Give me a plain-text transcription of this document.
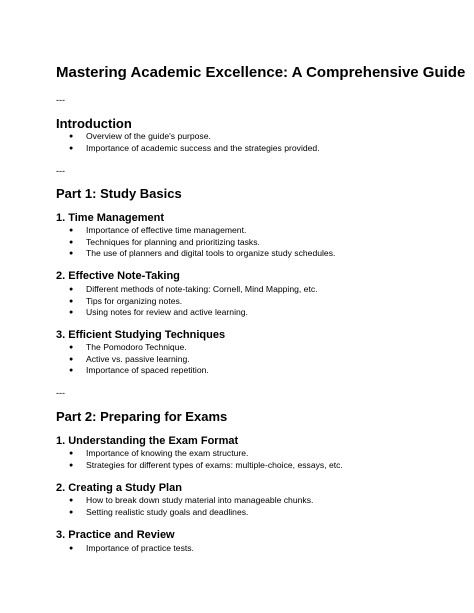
Mastering Academic Excellence: A Comprehensive Guide
---
Introduction
● Overview of the guide's purpose.
● Importance of academic success and the strategies provided.
---
Part 1: Study Basics
1. Time Management
● Importance of effective time management.
● Techniques for planning and prioritizing tasks.
● The use of planners and digital tools to organize study schedules.
2. Effective Note-Taking
● Different methods of note-taking: Cornell, Mind Mapping, etc.
● Tips for organizing notes.
● Using notes for review and active learning.
3. Efficient Studying Techniques
● The Pomodoro Technique.
● Active vs. passive learning.
● Importance of spaced repetition.
---
Part 2: Preparing for Exams
1. Understanding the Exam Format
● Importance of knowing the exam structure.
● Strategies for different types of exams: multiple-choice, essays, etc.
2. Creating a Study Plan
● How to break down study material into manageable chunks.
● Setting realistic study goals and deadlines.
3. Practice and Review
● Importance of practice tests.
